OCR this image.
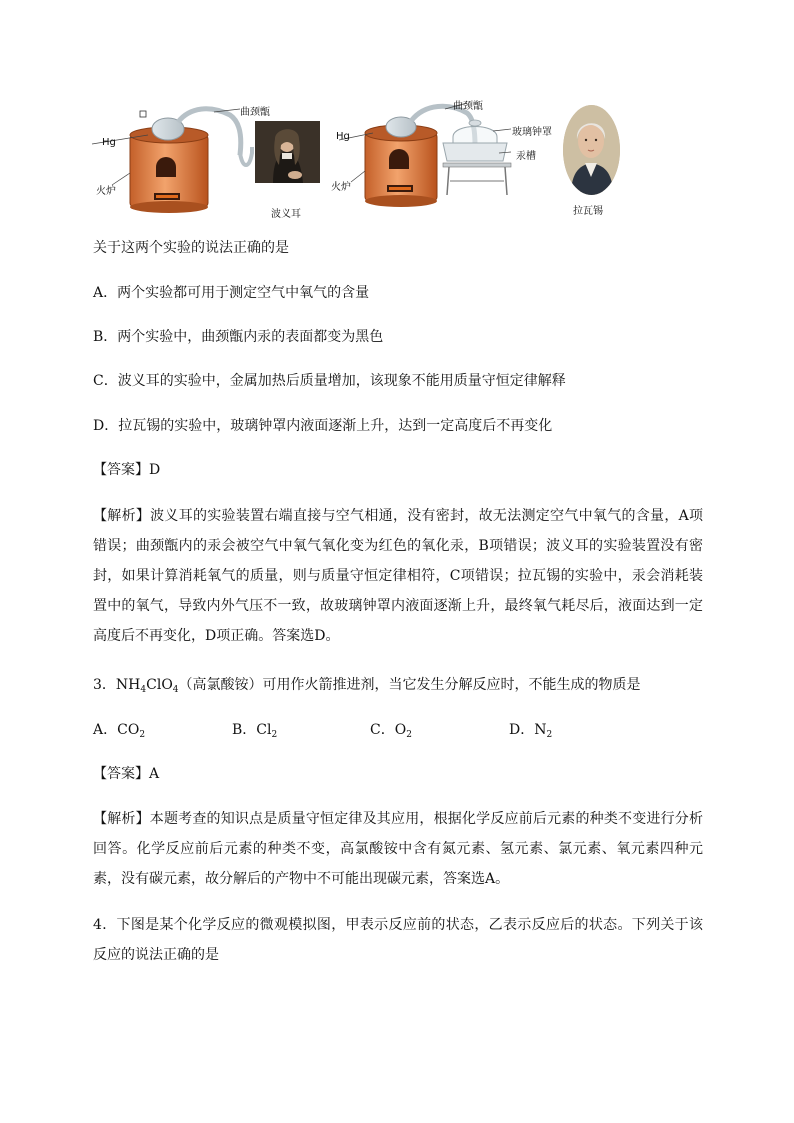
曲颈甑
Hg
火炉
波义耳
曲颈甑
玻璃钟罩
汞槽
Hg
火炉
拉瓦锡
关于这两个实验的说法正确的是
A．两个实验都可用于测定空气中氧气的含量
B．两个实验中，曲颈甑内汞的表面都变为黑色
C．波义耳的实验中，金属加热后质量增加，该现象不能用质量守恒定律解释
D．拉瓦锡的实验中，玻璃钟罩内液面逐渐上升，达到一定高度后不再变化
【答案】D
【解析】波义耳的实验装置右端直接与空气相通，没有密封，故无法测定空气中氧气的含量，A项错误；曲颈甑内的汞会被空气中氧气氧化变为红色的氧化汞，B项错误；波义耳的实验装置没有密封，如果计算消耗氧气的质量，则与质量守恒定律相符，C项错误；拉瓦锡的实验中，汞会消耗装置中的氧气，导致内外气压不一致，故玻璃钟罩内液面逐渐上升，最终氧气耗尽后，液面达到一定高度后不再变化，D项正确。答案选D。
3．$NH_4ClO_4$（高氯酸铵）可用作火箭推进剂，当它发生分解反应时，不能生成的物质是
A．$CO_2$	B．$Cl_2$	C．$O_2$	D．$N_2$
【答案】A
【解析】本题考查的知识点是质量守恒定律及其应用，根据化学反应前后元素的种类不变进行分析回答。化学反应前后元素的种类不变，高氯酸铵中含有氮元素、氢元素、氯元素、氧元素四种元素，没有碳元素，故分解后的产物中不可能出现碳元素，答案选A。
4．下图是某个化学反应的微观模拟图，甲表示反应前的状态，乙表示反应后的状态。下列关于该反应的说法正确的是
